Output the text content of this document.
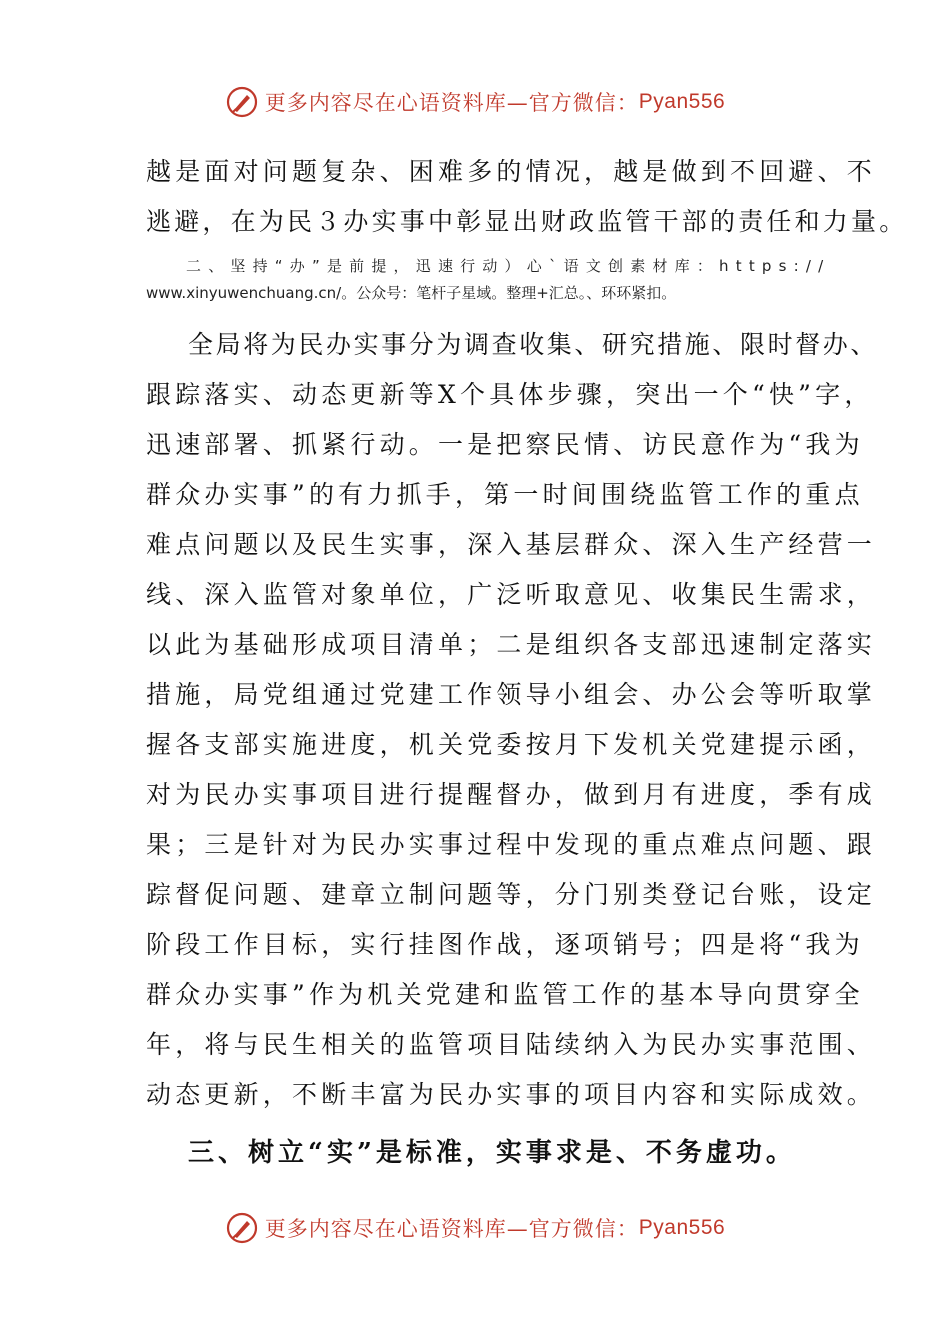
更多内容尽在心语资料库—官方微信： Pyan556
越是面对问题复杂、困难多的情况，越是做到不回避、不
逃避，在为民３办实事中彰显出财政监管干部的责任和力量。
二、坚持“办”是前提，迅速行动）心`语文创素材库：https://
www.xinyuwenchuang.cn/。公众号：笔杆子星域。整理+汇总。、环环紧扣。
全局将为民办实事分为调查收集、研究措施、限时督办、
跟踪落实、动态更新等X个具体步骤，突出一个“快”字，
迅速部署、抓紧行动。一是把察民情、访民意作为“我为
群众办实事”的有力抓手，第一时间围绕监管工作的重点
难点问题以及民生实事，深入基层群众、深入生产经营一
线、深入监管对象单位，广泛听取意见、收集民生需求，
以此为基础形成项目清单；二是组织各支部迅速制定落实
措施，局党组通过党建工作领导小组会、办公会等听取掌
握各支部实施进度，机关党委按月下发机关党建提示函，
对为民办实事项目进行提醒督办，做到月有进度，季有成
果；三是针对为民办实事过程中发现的重点难点问题、跟
踪督促问题、建章立制问题等，分门别类登记台账，设定
阶段工作目标，实行挂图作战，逐项销号；四是将“我为
群众办实事”作为机关党建和监管工作的基本导向贯穿全
年，将与民生相关的监管项目陆续纳入为民办实事范围、
动态更新，不断丰富为民办实事的项目内容和实际成效。
三、树立“实”是标准，实事求是、不务虚功。
更多内容尽在心语资料库—官方微信： Pyan556
